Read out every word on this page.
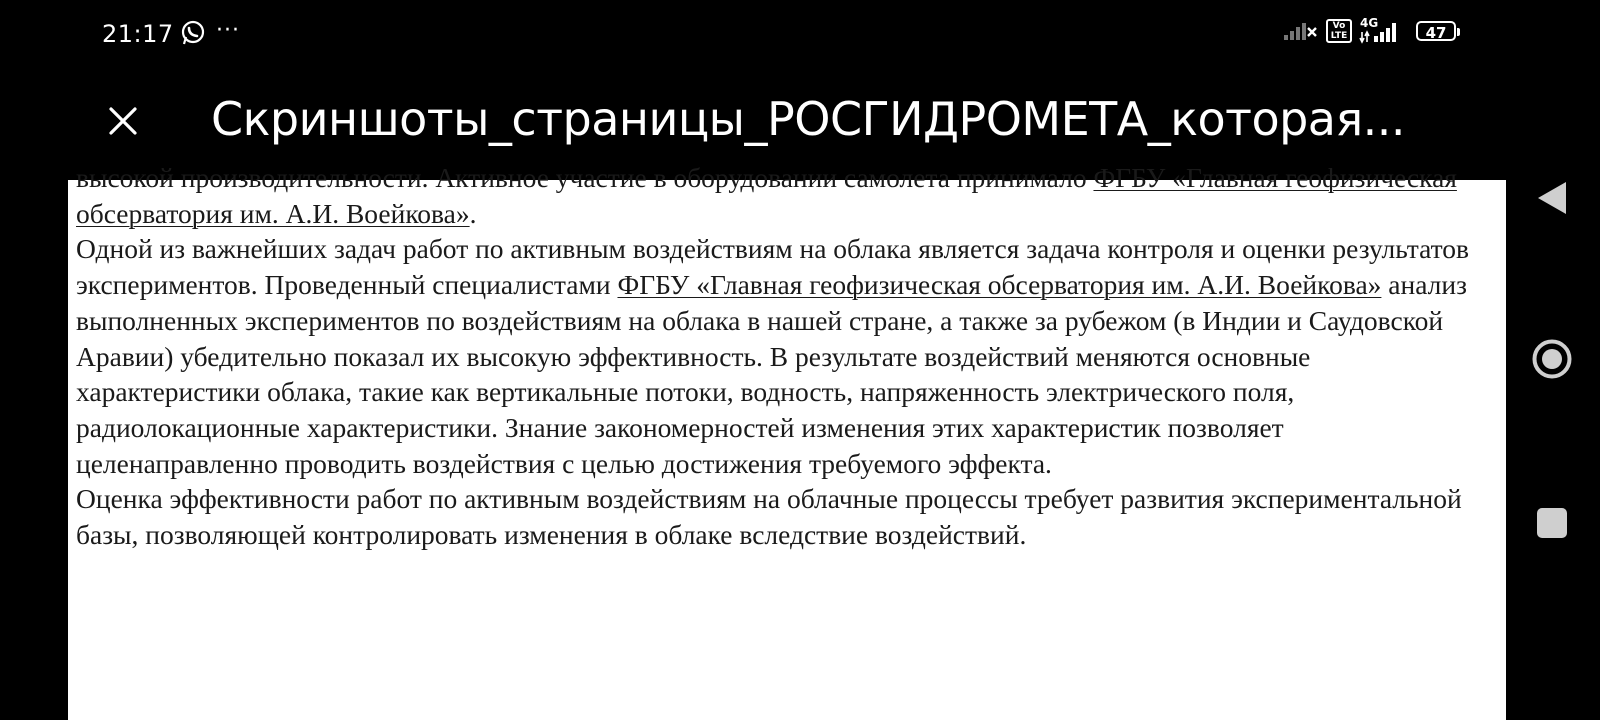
21:17 ···	Vo LTE
4G
47
Скриншоты_страницы_РОСГИДРОМЕТА_которая...

высокой производительности. Активное участие в оборудовании самолета принимало ФГБУ «Главная геофизическая обсерватория им. А.И. Воейкова».

Одной из важнейших задач работ по активным воздействиям на облака является задача контроля и оценки результатов экспериментов. Проведенный специалистами ФГБУ «Главная геофизическая обсерватория им. А.И. Воейкова» анализ выполненных экспериментов по воздействиям на облака в нашей стране, а также за рубежом (в Индии и Саудовской Аравии) убедительно показал их высокую эффективность. В результате воздействий меняются основные характеристики облака, такие как вертикальные потоки, водность, напряженность электрического поля, радиолокационные характеристики. Знание закономерностей изменения этих характеристик позволяет целенаправленно проводить воздействия с целью достижения требуемого эффекта.

Оценка эффективности работ по активным воздействиям на облачные процессы требует развития экспериментальной базы, позволяющей контролировать изменения в облаке вследствие воздействий.
